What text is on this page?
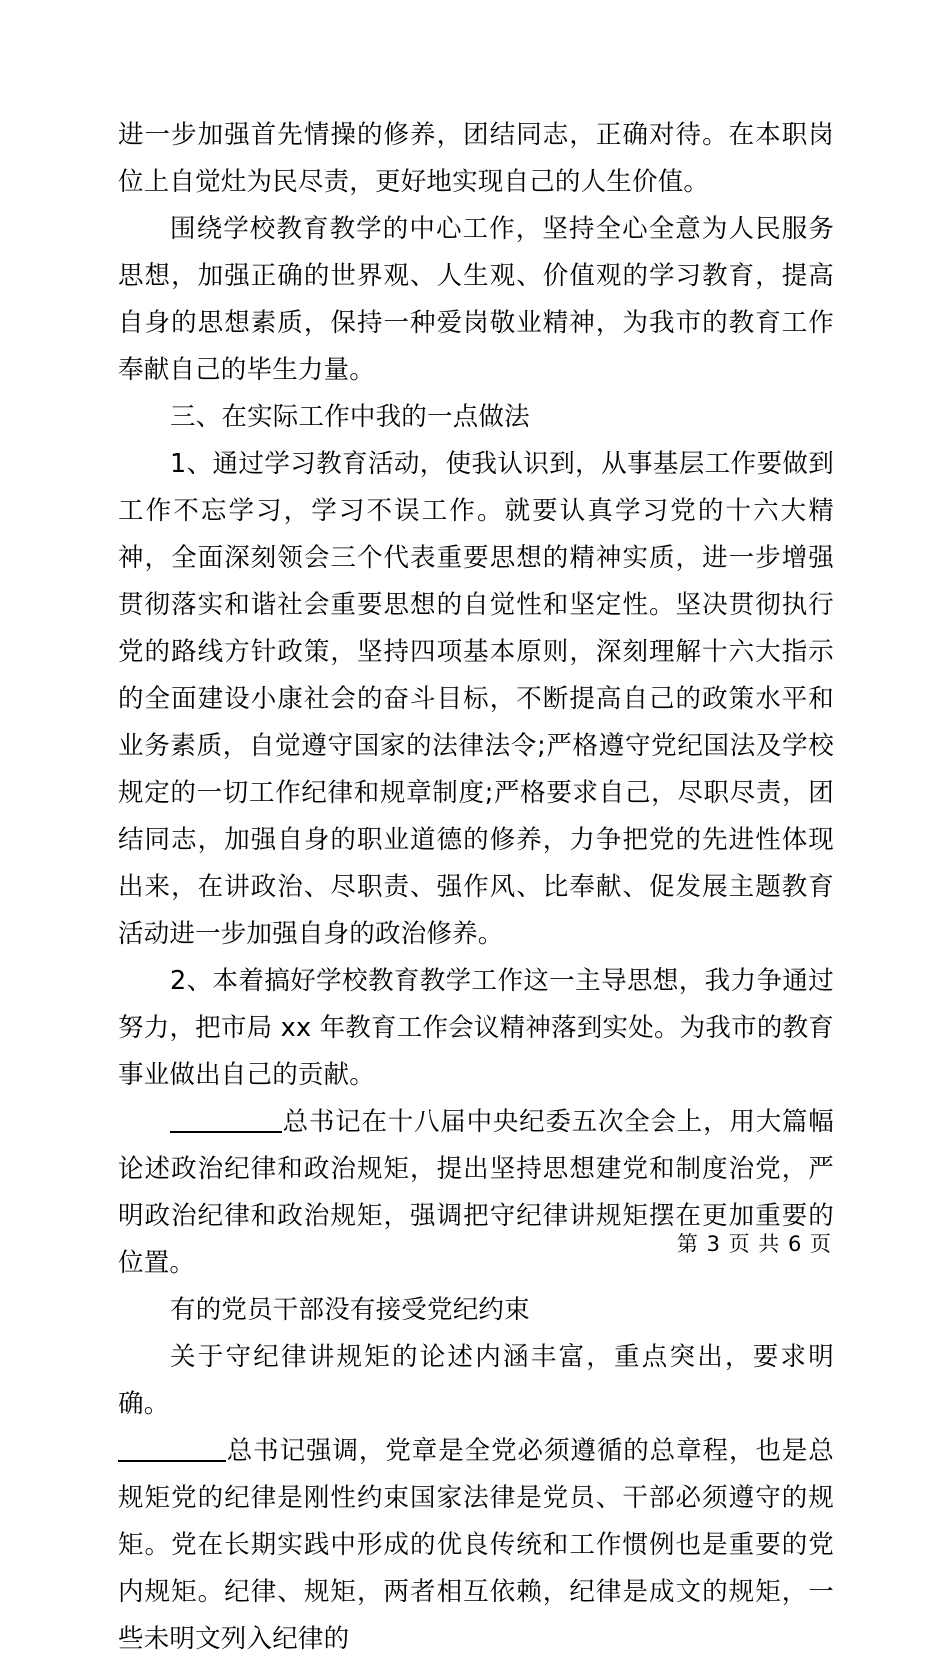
进一步加强首先情操的修养，团结同志，正确对待。在本职岗位上自觉灶为民尽责，更好地实现自己的人生价值。

围绕学校教育教学的中心工作，坚持全心全意为人民服务思想，加强正确的世界观、人生观、价值观的学习教育，提高自身的思想素质，保持一种爱岗敬业精神，为我市的教育工作奉献自己的毕生力量。

三、在实际工作中我的一点做法

1、通过学习教育活动，使我认识到，从事基层工作要做到工作不忘学习，学习不误工作。就要认真学习党的十六大精神，全面深刻领会三个代表重要思想的精神实质，进一步增强贯彻落实和谐社会重要思想的自觉性和坚定性。坚决贯彻执行党的路线方针政策，坚持四项基本原则，深刻理解十六大指示的全面建设小康社会的奋斗目标，不断提高自己的政策水平和业务素质，自觉遵守国家的法律法令;严格遵守党纪国法及学校规定的一切工作纪律和规章制度;严格要求自己，尽职尽责，团结同志，加强自身的职业道德的修养，力争把党的先进性体现出来，在讲政治、尽职责、强作风、比奉献、促发展主题教育活动进一步加强自身的政治修养。

2、本着搞好学校教育教学工作这一主导思想，我力争通过努力，把市局 xx 年教育工作会议精神落到实处。为我市的教育事业做出自己的贡献。

总书记在十八届中央纪委五次全会上，用大篇幅论述政治纪律和政治规矩，提出坚持思想建党和制度治党，严明政治纪律和政治规矩，强调把守纪律讲规矩摆在更加重要的位置。

有的党员干部没有接受党纪约束

关于守纪律讲规矩的论述内涵丰富，重点突出，要求明确。

总书记强调，党章是全党必须遵循的总章程，也是总规矩党的纪律是刚性约束国家法律是党员、干部必须遵守的规矩。党在长期实践中形成的优良传统和工作惯例也是重要的党内规矩。纪律、规矩，两者相互依赖，纪律是成文的规矩，一些未明文列入纪律的

第 3 页 共 6 页
